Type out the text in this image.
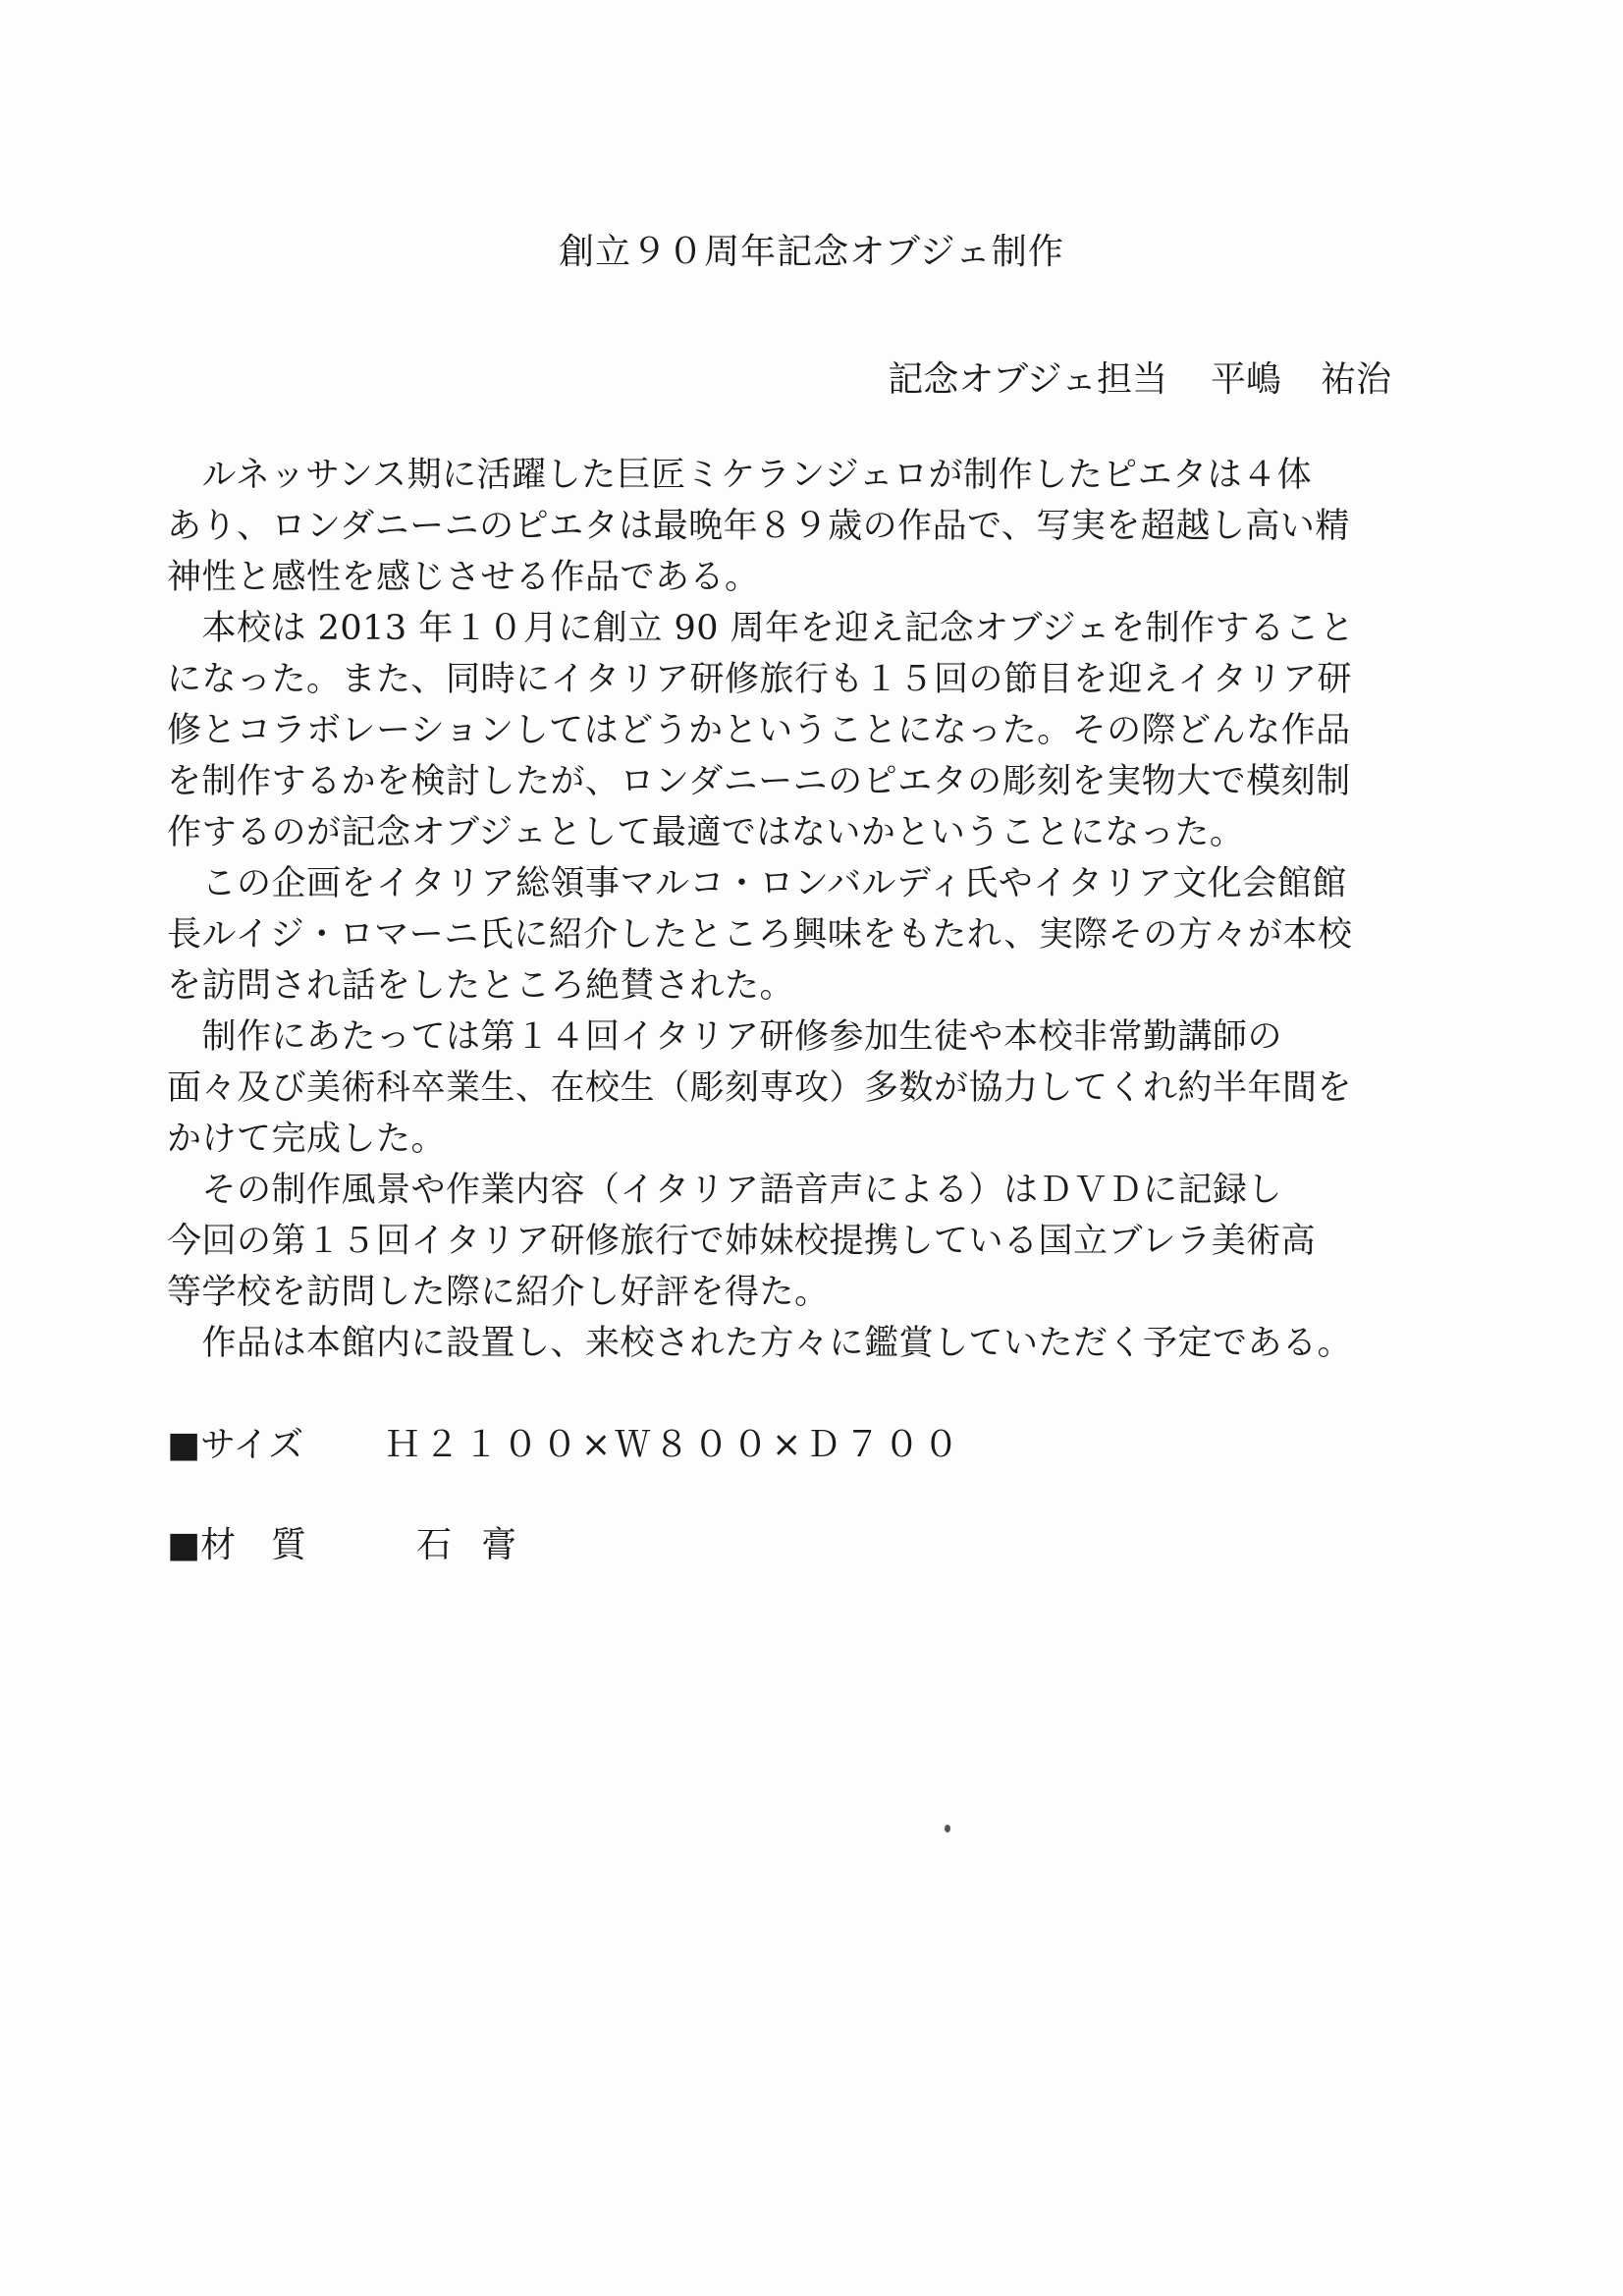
創立９０周年記念オブジェ制作
記念オブジェ担当 平嶋 祐治
　ルネッサンス期に活躍した巨匠ミケランジェロが制作したピエタは４体
あり、ロンダニーニのピエタは最晩年８９歳の作品で、写実を超越し高い精
神性と感性を感じさせる作品である。
　本校は 2013 年１０月に創立 90 周年を迎え記念オブジェを制作すること
になった。また、同時にイタリア研修旅行も１５回の節目を迎えイタリア研
修とコラボレーションしてはどうかということになった。その際どんな作品
を制作するかを検討したが、ロンダニーニのピエタの彫刻を実物大で模刻制
作するのが記念オブジェとして最適ではないかということになった。
　この企画をイタリア総領事マルコ・ロンバルディ氏やイタリア文化会館館
長ルイジ・ロマーニ氏に紹介したところ興味をもたれ、実際その方々が本校
を訪問され話をしたところ絶賛された。
　制作にあたっては第１４回イタリア研修参加生徒や本校非常勤講師の
面々及び美術科卒業生、在校生（彫刻専攻）多数が協力してくれ約半年間を
かけて完成した。
　その制作風景や作業内容（イタリア語音声による）はＤＶＤに記録し
今回の第１５回イタリア研修旅行で姉妹校提携している国立ブレラ美術高
等学校を訪問した際に紹介し好評を得た。
　作品は本館内に設置し、来校された方々に鑑賞していただく予定である。
■サイズ Ｈ２１００×Ｗ８００×Ｄ７００
■材　質	石膏
